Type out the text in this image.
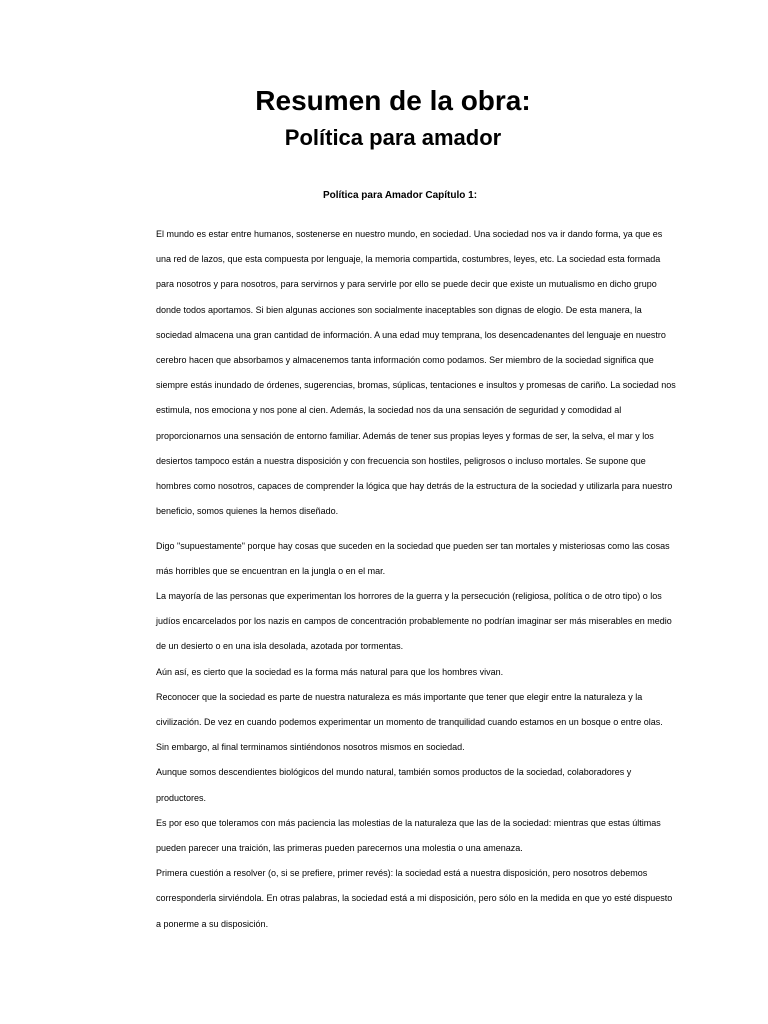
Resumen de la obra:
Política para amador
Política para Amador Capítulo 1:

El mundo es estar entre humanos, sostenerse en nuestro mundo, en sociedad. Una sociedad nos va ir dando forma, ya que es

una red de lazos, que esta compuesta por lenguaje, la memoria compartida, costumbres, leyes, etc. La sociedad esta formada

para nosotros y para nosotros, para servirnos y para servirle por ello se puede decir que existe un mutualismo en dicho grupo

donde todos aportamos. Si bien algunas acciones son socialmente inaceptables son dignas de elogio. De esta manera, la

sociedad almacena una gran cantidad de información. A una edad muy temprana, los desencadenantes del lenguaje en nuestro

cerebro hacen que absorbamos y almacenemos tanta información como podamos. Ser miembro de la sociedad significa que

siempre estás inundado de órdenes, sugerencias, bromas, súplicas, tentaciones e insultos y promesas de cariño. La sociedad nos

estimula, nos emociona y nos pone al cien. Además, la sociedad nos da una sensación de seguridad y comodidad al

proporcionarnos una sensación de entorno familiar. Además de tener sus propias leyes y formas de ser, la selva, el mar y los

desiertos tampoco están a nuestra disposición y con frecuencia son hostiles, peligrosos o incluso mortales. Se supone que

hombres como nosotros, capaces de comprender la lógica que hay detrás de la estructura de la sociedad y utilizarla para nuestro

beneficio, somos quienes la hemos diseñado.

Digo "supuestamente" porque hay cosas que suceden en la sociedad que pueden ser tan mortales y misteriosas como las cosas

más horribles que se encuentran en la jungla o en el mar.

La mayoría de las personas que experimentan los horrores de la guerra y la persecución (religiosa, política o de otro tipo) o los

judíos encarcelados por los nazis en campos de concentración probablemente no podrían imaginar ser más miserables en medio

de un desierto o en una isla desolada, azotada por tormentas.

Aún así, es cierto que la sociedad es la forma más natural para que los hombres vivan.

Reconocer que la sociedad es parte de nuestra naturaleza es más importante que tener que elegir entre la naturaleza y la

civilización. De vez en cuando podemos experimentar un momento de tranquilidad cuando estamos en un bosque o entre olas.

Sin embargo, al final terminamos sintiéndonos nosotros mismos en sociedad.

Aunque somos descendientes biológicos del mundo natural, también somos productos de la sociedad, colaboradores y

productores.

Es por eso que toleramos con más paciencia las molestias de la naturaleza que las de la sociedad: mientras que estas últimas

pueden parecer una traición, las primeras pueden parecernos una molestia o una amenaza.

Primera cuestión a resolver (o, si se prefiere, primer revés): la sociedad está a nuestra disposición, pero nosotros debemos

corresponderla sirviéndola. En otras palabras, la sociedad está a mi disposición, pero sólo en la medida en que yo esté dispuesto

a ponerme a su disposición.
